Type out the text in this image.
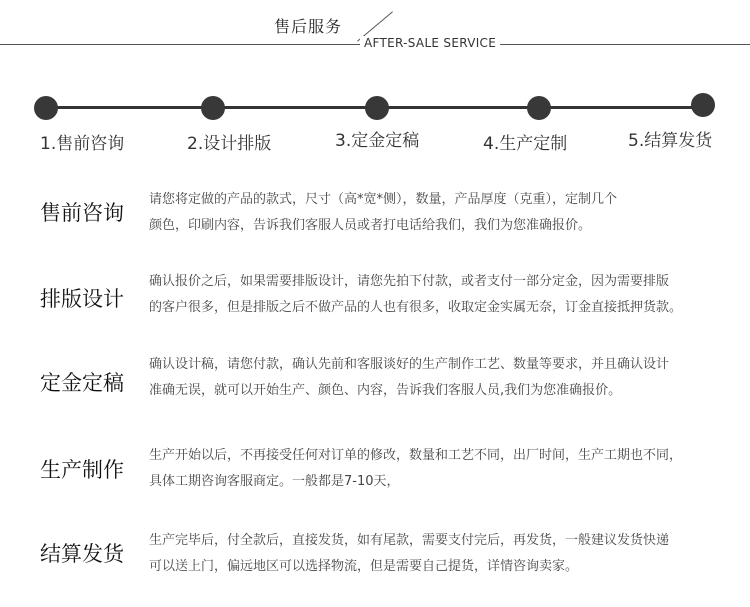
售后服务
AFTER-SALE SERVICE
1.售前咨询	2.设计排版	3.定金定稿	4.生产定制	5.结算发货
售前咨询
请您将定做的产品的款式，尺寸（高*宽*侧），数量，产品厚度（克重），定制几个
颜色，印刷内容，告诉我们客服人员或者打电话给我们，我们为您准确报价。
排版设计
确认报价之后，如果需要排版设计，请您先拍下付款，或者支付一部分定金，因为需要排版
的客户很多，但是排版之后不做产品的人也有很多，收取定金实属无奈，订金直接抵押货款。
定金定稿
确认设计稿，请您付款，确认先前和客服谈好的生产制作工艺、数量等要求，并且确认设计
准确无误，就可以开始生产、颜色、内容，告诉我们客服人员,我们为您准确报价。
生产制作
生产开始以后，不再接受任何对订单的修改，数量和工艺不同，出厂时间，生产工期也不同，
具体工期咨询客服商定。一般都是7-10天，
结算发货
生产完毕后，付全款后，直接发货，如有尾款，需要支付完后，再发货，一般建议发货快递
可以送上门，偏远地区可以选择物流，但是需要自己提货，详情咨询卖家。
